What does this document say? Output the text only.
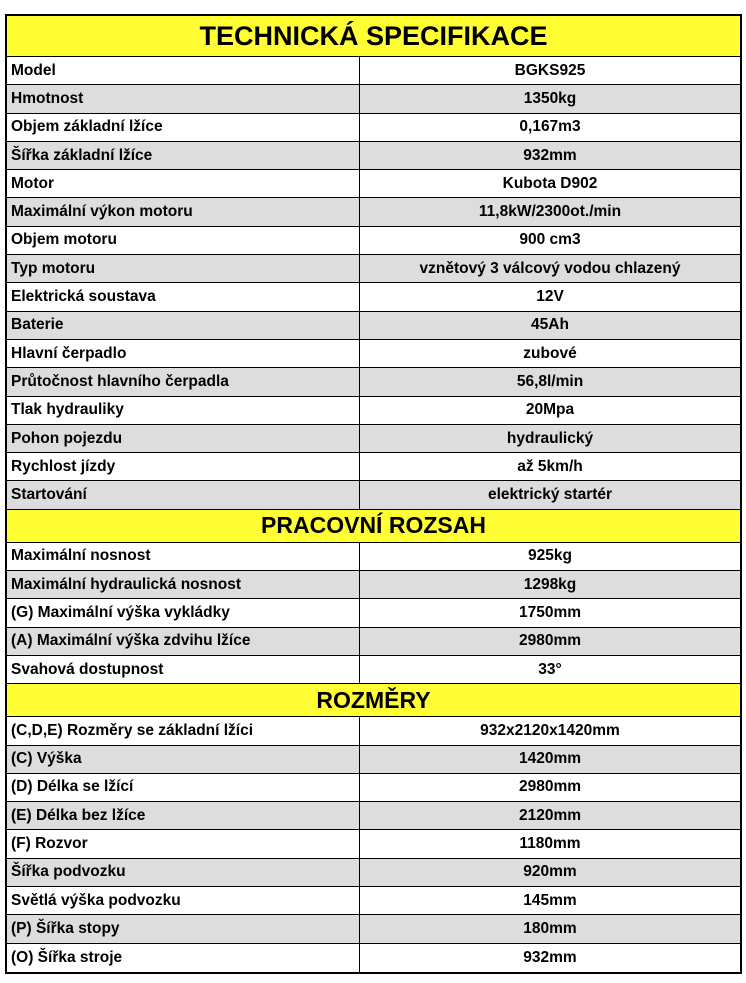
TECHNICKÁ SPECIFIKACE
Model	BGKS925
Hmotnost	1350kg
Objem základní lžíce	0,167m3
Šířka základní lžíce	932mm
Motor	Kubota D902
Maximální výkon motoru	11,8kW/2300ot./min
Objem motoru	900 cm3
Typ motoru	vznětový 3 válcový vodou chlazený
Elektrická soustava	12V
Baterie	45Ah
Hlavní čerpadlo	zubové
Průtočnost hlavního čerpadla	56,8l/min
Tlak hydrauliky	20Mpa
Pohon pojezdu	hydraulický
Rychlost jízdy	až 5km/h
Startování	elektrický startér
PRACOVNÍ ROZSAH
Maximální nosnost	925kg
Maximální hydraulická nosnost	1298kg
(G) Maximální výška vykládky	1750mm
(A) Maximální výška zdvihu lžíce	2980mm
Svahová dostupnost	33°
ROZMĚRY
(C,D,E) Rozměry se základní lžíci	932x2120x1420mm
(C) Výška	1420mm
(D) Délka se lžící	2980mm
(E) Délka bez lžíce	2120mm
(F) Rozvor	1180mm
Šířka podvozku	920mm
Světlá výška podvozku	145mm
(P) Šířka stopy	180mm
(O) Šířka stroje	932mm
